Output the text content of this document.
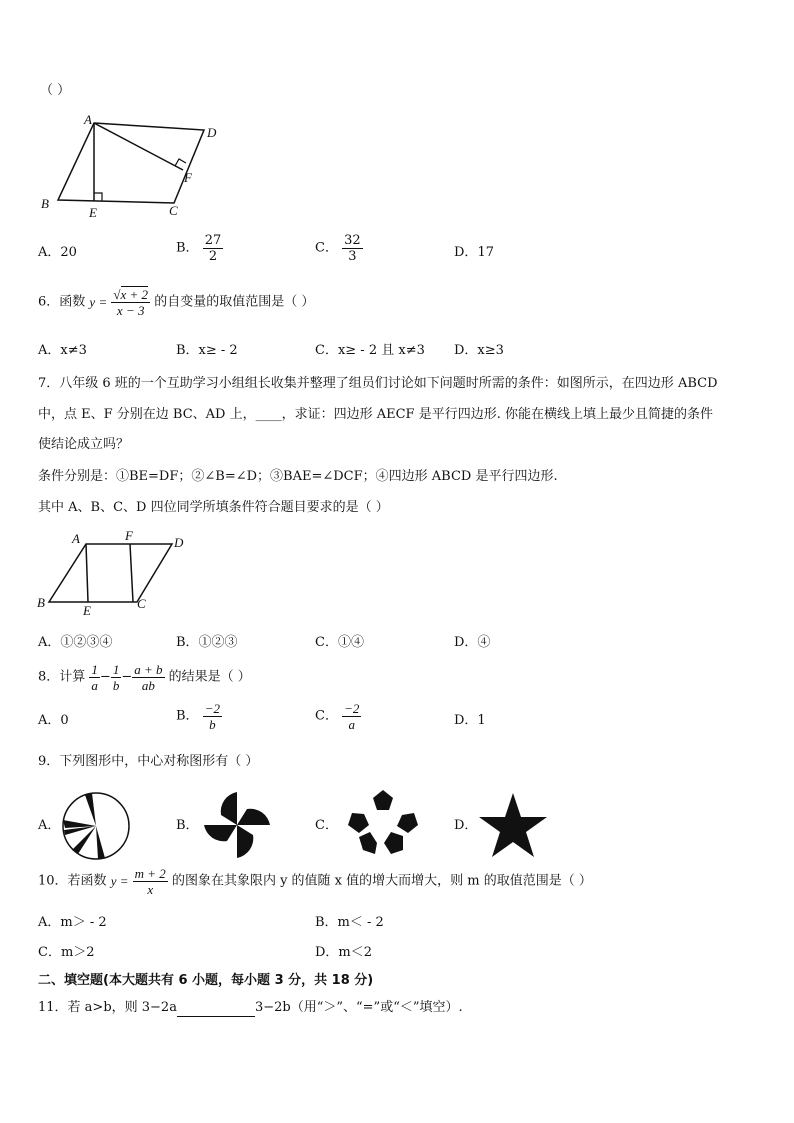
（ ）
A
D
F
B
E	C
A．20	B． $\frac{27}{2}$	C． $\frac{32}{3}$	D．17
6．函数 $y = \frac{√x + 2}{x - 3}$ 的自变量的取值范围是（ ）
A．x≠3	B．x≥ - 2	C．x≥ - 2 且 x≠3 D．x≥3
7．八年级 6 班的一个互助学习小组组长收集并整理了组员们讨论如下问题时所需的条件：如图所示，在四边形 ABCD
中，点 E、F 分别在边 BC、AD 上，____，求证：四边形 AECF 是平行四边形. 你能在横线上填上最少且简捷的条件
使结论成立吗？
条件分别是：①BE=DF；②∠B=∠D；③BAE=∠DCF；④四边形 ABCD 是平行四边形.
其中 A、B、C、D 四位同学所填条件符合题目要求的是（ ）
A	F	D
B
E	C
A．①②③④	B．①②③	C．①④	D．④
8．计算 $\frac{1}{a} - \frac{1}{b} - \frac{a + b}{ab}$ 的结果是（ ）
A．0	B． $\frac{-2}{b}$	C． $\frac{-2}{a}$	D．1
9．下列图形中，中心对称图形有（ ）
A．	B．	C．	D．
10．若函数 $y = \frac{m + 2}{x}$ 的图象在其象限内 y 的值随 x 值的增大而增大，则 m 的取值范围是（ ）
A．m＞ - 2	B．m＜ - 2
C．m＞2	D．m＜2
二、填空题(本大题共有 6 小题，每小题 3 分，共 18 分)
11．若 a>b，则 3−2a	3−2b（用“＞”、“=”或“＜”填空）.
